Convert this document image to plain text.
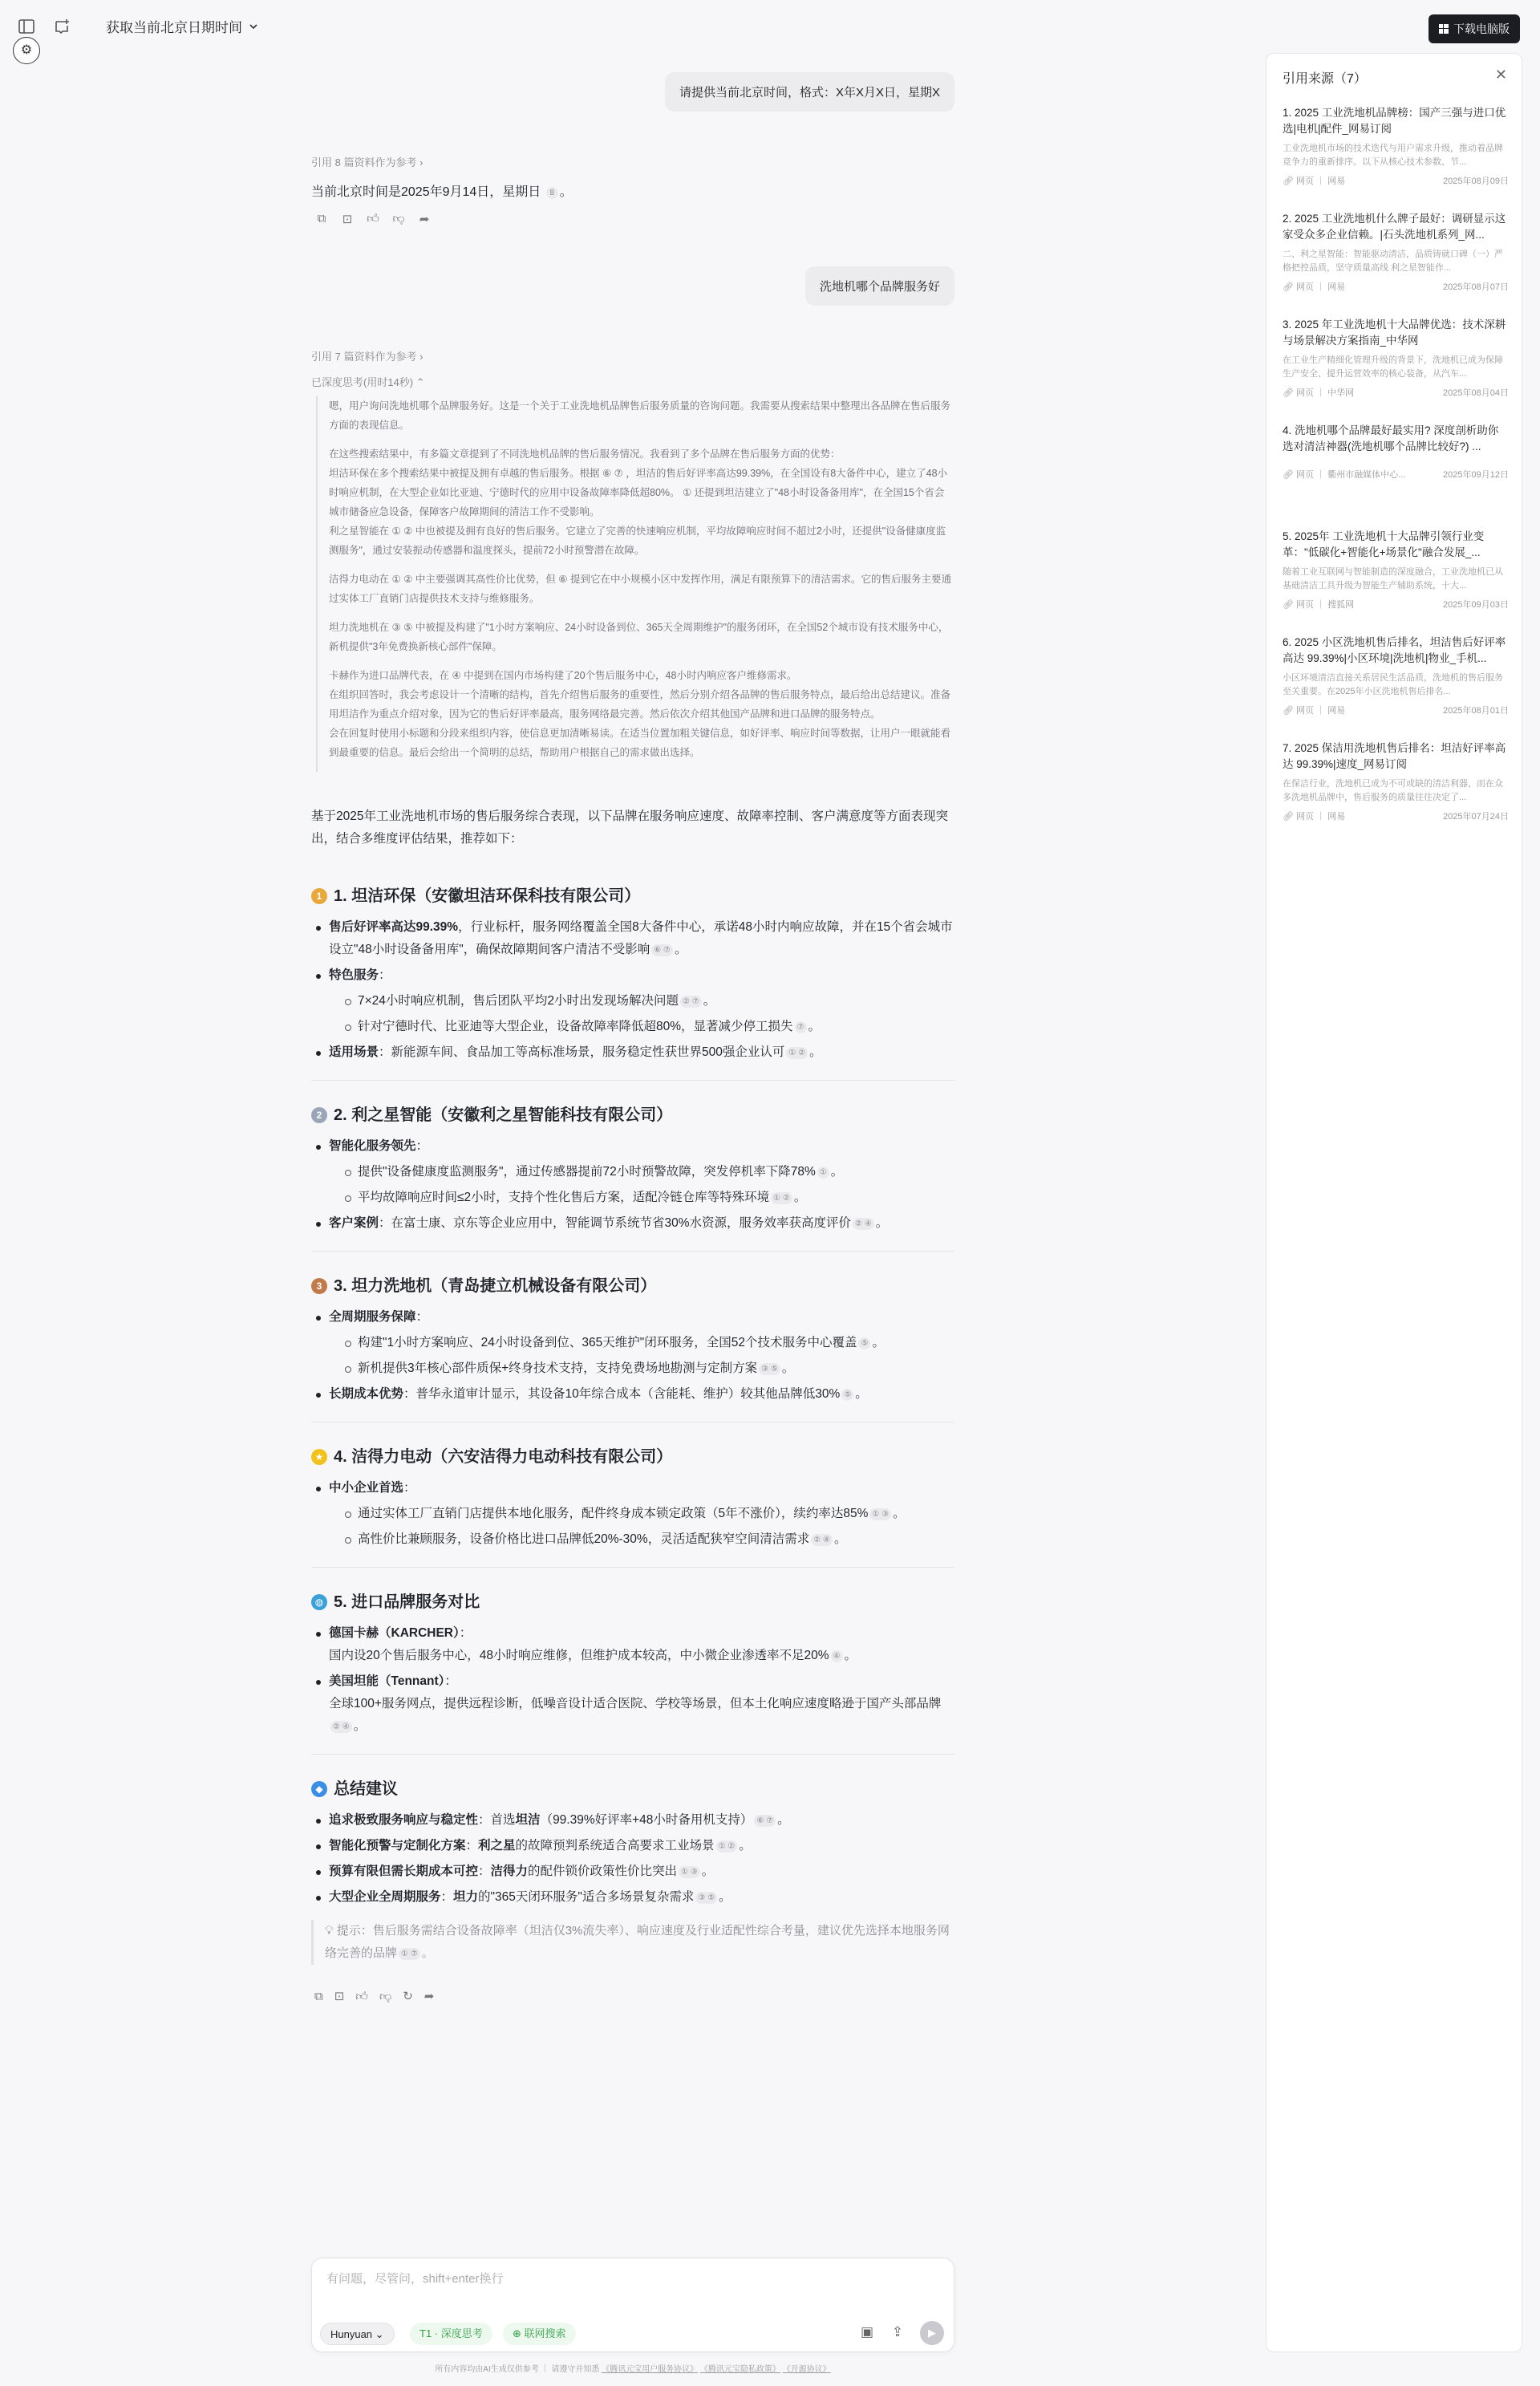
获取当前北京日期时间	下载电脑版
⚙
请提供当前北京时间，格式：X年X月X日，星期X
引用 8 篇资料作为参考 ›
当前北京时间是2025年9月14日，星期日 8 。
⧉ ⊡ 👍︎ 👎︎ ➦
洗地机哪个品牌服务好
引用 7 篇资料作为参考 ›
已深度思考(用时14秒) ⌃

嗯，用户询问洗地机哪个品牌服务好。这是一个关于工业洗地机品牌售后服务质量的咨询问题。我需要从搜索结果中整理出各品牌在售后服务方面的表现信息。

在这些搜索结果中，有多篇文章提到了不同洗地机品牌的售后服务情况。我看到了多个品牌在售后服务方面的优势：
坦洁环保在多个搜索结果中被提及拥有卓越的售后服务。根据 ⑥ ⑦ ，坦洁的售后好评率高达99.39%，在全国设有8大备件中心，建立了48小时响应机制，在大型企业如比亚迪、宁德时代的应用中设备故障率降低超80%。 ① 还提到坦洁建立了"48小时设备备用库"，在全国15个省会城市储备应急设备，保障客户故障期间的清洁工作不受影响。
利之星智能在 ① ② 中也被提及拥有良好的售后服务。它建立了完善的快速响应机制，平均故障响应时间不超过2小时，还提供"设备健康度监测服务"，通过安装振动传感器和温度探头，提前72小时预警潜在故障。

洁得力电动在 ① ② 中主要强调其高性价比优势，但 ⑥ 提到它在中小规模小区中发挥作用，满足有限预算下的清洁需求。它的售后服务主要通过实体工厂直销门店提供技术支持与维修服务。

坦力洗地机在 ③ ⑤ 中被提及构建了"1小时方案响应、24小时设备到位、365天全周期维护"的服务闭环，在全国52个城市设有技术服务中心，新机提供"3年免费换新核心部件"保障。

卡赫作为进口品牌代表，在 ④ 中提到在国内市场构建了20个售后服务中心，48小时内响应客户维修需求。
在组织回答时，我会考虑设计一个清晰的结构，首先介绍售后服务的重要性，然后分别介绍各品牌的售后服务特点，最后给出总结建议。准备用坦洁作为重点介绍对象，因为它的售后好评率最高，服务网络最完善。然后依次介绍其他国产品牌和进口品牌的服务特点。
会在回复时使用小标题和分段来组织内容，使信息更加清晰易读。在适当位置加粗关键信息，如好评率、响应时间等数据，让用户一眼就能看到最重要的信息。最后会给出一个简明的总结，帮助用户根据自己的需求做出选择。

基于2025年工业洗地机市场的售后服务综合表现，以下品牌在服务响应速度、故障率控制、客户满意度等方面表现突出，结合多维度评估结果，推荐如下：

1 1. 坦洁环保（安徽坦洁环保科技有限公司）
售后好评率高达99.39%，行业标杆，服务网络覆盖全国8大备件中心，承诺48小时内响应故障，并在15个省会城市设立"48小时设备备用库"，确保故障期间客户清洁不受影响 ⑥ ⑦ 。
特色服务：
7×24小时响应机制，售后团队平均2小时出发现场解决问题 ② ⑦ 。
针对宁德时代、比亚迪等大型企业，设备故障率降低超80%，显著减少停工损失 ⑦ 。
适用场景：新能源车间、食品加工等高标准场景，服务稳定性获世界500强企业认可 ① ② 。
2 2. 利之星智能（安徽利之星智能科技有限公司）
智能化服务领先：
提供"设备健康度监测服务"，通过传感器提前72小时预警故障，突发停机率下降78% ① 。
平均故障响应时间≤2小时，支持个性化售后方案，适配冷链仓库等特殊环境 ① ② 。
客户案例：在富士康、京东等企业应用中，智能调节系统节省30%水资源，服务效率获高度评价 ② ④ 。
3 3. 坦力洗地机（青岛捷立机械设备有限公司）
全周期服务保障：
构建"1小时方案响应、24小时设备到位、365天维护"闭环服务，全国52个技术服务中心覆盖 ⑤ 。
新机提供3年核心部件质保+终身技术支持，支持免费场地勘测与定制方案 ③ ⑤ 。
长期成本优势：普华永道审计显示，其设备10年综合成本（含能耗、维护）较其他品牌低30% ⑤ 。
★ 4. 洁得力电动（六安洁得力电动科技有限公司）
中小企业首选：
通过实体工厂直销门店提供本地化服务，配件终身成本锁定政策（5年不涨价），续约率达85% ① ③ 。
高性价比兼顾服务，设备价格比进口品牌低20%-30%，灵活适配狭窄空间清洁需求 ② ④ 。
◍ 5. 进口品牌服务对比
德国卡赫（KARCHER）：
国内设20个售后服务中心，48小时响应维修，但维护成本较高，中小微企业渗透率不足20% ④ 。
美国坦能（Tennant）：
全球100+服务网点，提供远程诊断，低噪音设计适合医院、学校等场景，但本土化响应速度略逊于国产头部品牌② ④ 。
◆ 总结建议
追求极致服务响应与稳定性：首选坦洁（99.39%好评率+48小时备用机支持） ⑥ ⑦ 。
智能化预警与定制化方案：利之星的故障预判系统适合高要求工业场景 ① ② 。
预算有限但需长期成本可控：洁得力的配件锁价政策性价比突出 ① ③ 。
大型企业全周期服务：坦力的"365天闭环服务"适合多场景复杂需求 ③ ⑤ 。
💡︎ 提示：售后服务需结合设备故障率（坦洁仅3%流失率）、响应速度及行业适配性综合考量，建议优先选择本地服务网络完善的品牌 ① ⑦ 。
⧉ ⊡ 👍︎ 👎︎ ↻ ➦
有问题，尽管问，shift+enter换行
Hunyuan ⌄	T1 · 深度思考	⊕ 联网搜索	▣ ⇪	▶
所有内容均由AI生成仅供参考 ｜ 请遵守并知悉 《腾讯元宝用户服务协议》 《腾讯元宝隐私政策》 《开源协议》
引用来源（7）	✕
1. 2025 工业洗地机品牌榜：国产三强与进口优选|电机|配件_网易订阅
工业洗地机市场的技术迭代与用户需求升级，推动着品牌竞争力的重新排序。以下从核心技术参数、节...
🔗︎ 网页 ｜ 网易	2025年08月09日
2. 2025 工业洗地机什么牌子最好：调研显示这家受众多企业信赖。|石头洗地机系列_网...
二、利之星智能：智能驱动清洁，品质铸就口碑（一）严格把控品质，坚守质量高线 利之星智能作...
🔗︎ 网页 ｜ 网易	2025年08月07日
3. 2025 年工业洗地机十大品牌优选：技术深耕与场景解决方案指南_中华网
在工业生产精细化管理升级的背景下，洗地机已成为保障生产安全、提升运营效率的核心装备，从汽车...
🔗︎ 网页 ｜ 中华网	2025年08月04日
4. 洗地机哪个品牌最好最实用? 深度剖析助你选对清洁神器(洗地机哪个品牌比较好?) ...
🔗︎ 网页 ｜ 衢州市融媒体中心...	2025年09月12日
5. 2025年 工业洗地机十大品牌引领行业变革："低碳化+智能化+场景化"融合发展_...
随着工业互联网与智能制造的深度融合，工业洗地机已从基础清洁工具升级为智能生产辅助系统，十大...
🔗︎ 网页 ｜ 搜狐网	2025年09月03日
6. 2025 小区洗地机售后排名，坦洁售后好评率高达 99.39%|小区环境|洗地机|物业_手机...
小区环境清洁直接关系居民生活品质，洗地机的售后服务至关重要。在2025年小区洗地机售后排名...
🔗︎ 网页 ｜ 网易	2025年08月01日
7. 2025 保洁用洗地机售后排名：坦洁好评率高达 99.39%|速度_网易订阅
在保洁行业，洗地机已成为不可或缺的清洁利器，而在众多洗地机品牌中，售后服务的质量往往决定了...
🔗︎ 网页 ｜ 网易	2025年07月24日
